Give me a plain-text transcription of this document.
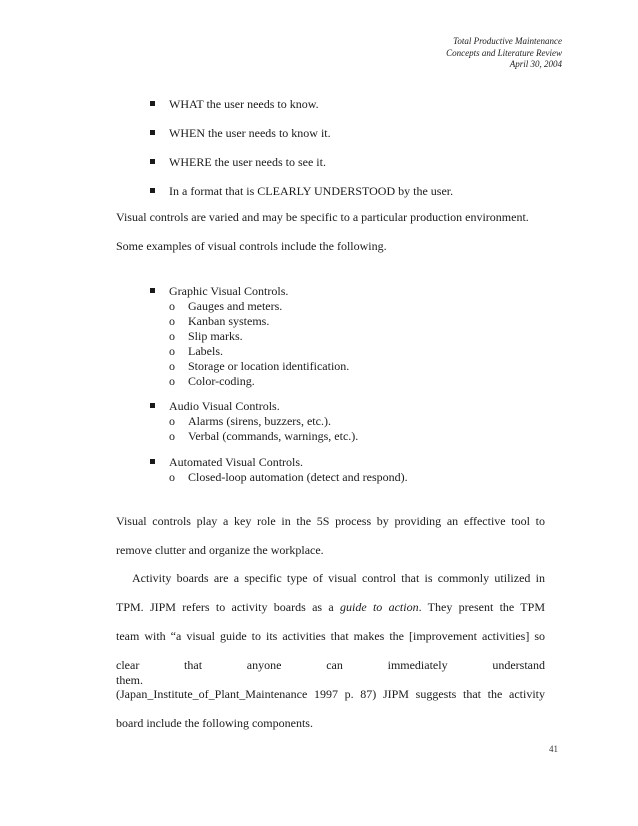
Total Productive Maintenance
Concepts and Literature Review
April 30, 2004
WHAT the user needs to know.
WHEN the user needs to know it.
WHERE the user needs to see it.
In a format that is CLEARLY UNDERSTOOD by the user.
Visual controls are varied and may be specific to a particular production environment.
Some examples of visual controls include the following.
Graphic Visual Controls.
o Gauges and meters.
o Kanban systems.
o Slip marks.
o Labels.
o Storage or location identification.
o Color-coding.
Audio Visual Controls.
o Alarms (sirens, buzzers, etc.).
o Verbal (commands, warnings, etc.).
Automated Visual Controls.
o Closed-loop automation (detect and respond).
Visual controls play a key role in the 5S process by providing an effective tool to
remove clutter and organize the workplace.
Activity boards are a specific type of visual control that is commonly utilized in
TPM. JIPM refers to activity boards as a guide to action. They present the TPM
team with “a visual guide to its activities that makes the [improvement activities] so
clear that anyone can immediately understand them.
(Japan_Institute_of_Plant_Maintenance 1997 p. 87) JIPM suggests that the activity
board include the following components.
41
